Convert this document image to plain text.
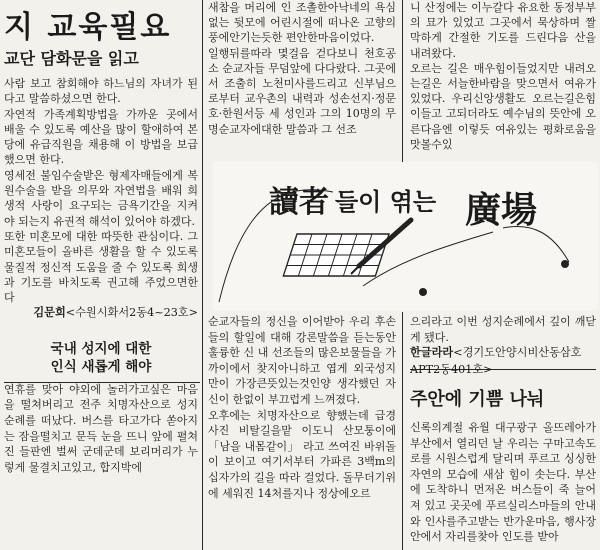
지 교육필요

교단 담화문을 읽고

사람 보고 참회해야 하느님의 자녀가 된다고 말씀하셨으면 한다.
자연적 가족계획방법을 가까운 곳에서 배울 수 있도록 예산을 많이 할애하여 본당에 유급직원을 채용해 이 방법을 보급했으면 한다.
영세전 불임수술받은 형제자매들에게 복원수술을 받을 의무와 자연법을 배워 희생적 사랑이 요구되는 금욕기간을 지켜야 되는지 유권적 해석이 있어야 하겠다.
또한 미혼모에 대한 따뜻한 관심이다. 그 미혼모들이 올바른 생활을 할 수 있도록 물질적 정신적 도움을 줄 수 있도록 희생과 기도를 바치도록 권고해 주었으면한다

김문희<수원시화서2동4~23호>

국내 성지에 대한
인식 새롭게 해야

연휴를 맞아 야외에 놀러가고싶은 마음을 떨쳐버리고 전주 치명자산으로 성지순례를 떠났다. 버스를 타고가다 쏟아지는 잠을떨치고 문득 눈을 뜨니 앞에 펼쳐진 들판엔 벌써 군데군데 보리머리가 누렇게 물결치고있고, 합지박에

새참을 머리에 인 조촐한아낙네의 욕심없는 뒷모에 어린시절에 떠나온 고향의풍에안기는듯한 편안한마음이었다.
일행뒤를따라 몇걸음 걷다보니 천호공소 순교자들 무덤앞에 다다랐다. 그곳에서 조출히 노천미사를드리고 신부님으로부터 교우촌의 내력과 성손선지·정문호·한원서등 세 성인과 그의 10명의 무명순교자에대한 말씀과 그 선조

순교자들의 정신을 이어받아 우리 후손들의 할일에 대해 강론말씀을 듣는동안 훌륭한 신 내 선조들의 많은보물들을 가까이에서 찾지아니하고 엽게 외국성지만이 가장큰뜻있는것인양 생각했던 자신이 한없이 부끄럽게 느껴졌다.
오후에는 치명자산으로 향했는데 급경사진 비탈길을맡 이도니 산모퉁이에 「남을 내몸같이」 라고 쓰여진 바위돌이 보이고 여기서부터 가파른 3백m의 십자가의 길을 따라 걸었다. 돌무더기위에 세워진 14처를지나 정상에오르

니 산정에는 이누갈다 유요한 동정부부의 묘가 있었고 그곳에서 묵상하며 짤막하게 간절한 기도를 드린다음 산을 내려왔다.
오르는 길은 매우힘이들었지만 내려오는길은 서늘한바람을 맞으면서 여유가있었다. 우리신앙생활도 오르는길은힘이들고 고되더라도 예수님의 뜻안에 오른다음엔 이렇듯 여유있는 평화로움을 맛볼수있

으리라고 이번 성지순례에서 깊이 깨닫게 됐다.

한글라라<경기도안양시비산동삼호APT2동401호>

주안에 기쁨 나눠

신록의계절 유월 대구광구 올뜨레아가 부산에서 열리던 날 우리는 구마고속도로를 시원스럽게 달리며 푸르고 싱싱한 자연의 모습에 새삼 힘이 솟는다. 부산에 도착하니 먼저온 버스들이 죽 늘어져 있고 곳곳에 푸르실리스마들의 안내와 인사를주고받는 반가운마음, 행사장안에서 자리를찾아 인도를 받아

讀者 들이 엮는 廣場
